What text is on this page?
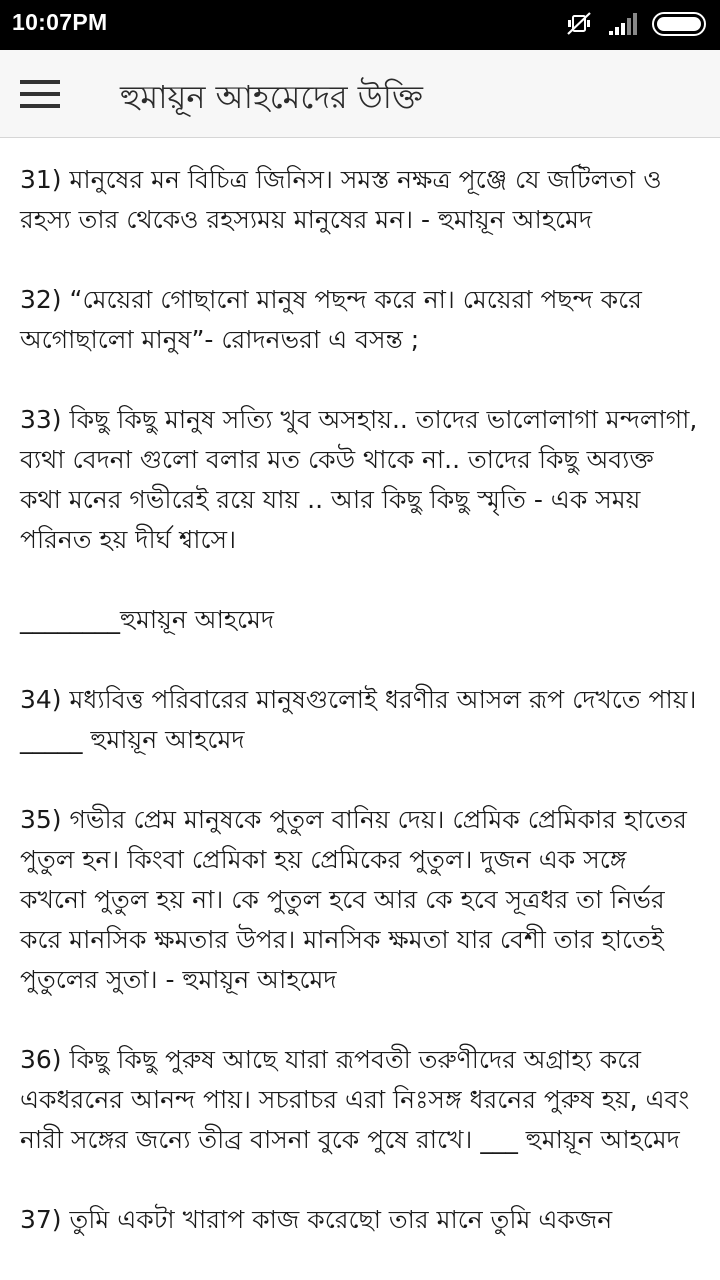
10:07PM
হুমায়ূন আহমেদের উক্তি

31) মানুষের মন বিচিত্র জিনিস। সমস্ত নক্ষত্র পূঞ্জে যে জটিলতা ও রহস্য তার থেকেও রহস্যময় মানুষের মন। - হুমায়ূন আহমেদ

32) “মেয়েরা গোছানো মানুষ পছন্দ করে না। মেয়েরা পছন্দ করে অগোছালো মানুষ”- রোদনভরা এ বসন্ত ;

33) কিছু কিছু মানুষ সত্যি খুব অসহায়.. তাদের ভালোলাগা মন্দলাগা, ব্যথা বেদনা গুলো বলার মত কেউ থাকে না.. তাদের কিছু অব্যক্ত কথা মনের গভীরেই রয়ে যায় .. আর কিছু কিছু স্মৃতি - এক সময় পরিনত হয় দীর্ঘ শ্বাসে।

________হুমায়ূন আহমেদ

34) মধ্যবিত্ত পরিবারের মানুষগুলোই ধরণীর আসল রূপ দেখতে পায়। _____ হুমায়ূন আহমেদ

35) গভীর প্রেম মানুষকে পুতুল বানিয় দেয়। প্রেমিক প্রেমিকার হাতের পুতুল হন। কিংবা প্রেমিকা হয় প্রেমিকের পুতুল। দুজন এক সঙ্গে কখনো পুতুল হয় না। কে পুতুল হবে আর কে হবে সূত্রধর তা নির্ভর করে মানসিক ক্ষমতার উপর। মানসিক ক্ষমতা যার বেশী তার হাতেই পুতুলের সুতা। - হুমায়ূন আহমেদ

36) কিছু কিছু পুরুষ আছে যারা রূপবতী তরুণীদের অগ্রাহ্য করে একধরনের আনন্দ পায়। সচরাচর এরা নিঃসঙ্গ ধরনের পুরুষ হয়, এবং নারী সঙ্গের জন্যে তীব্র বাসনা বুকে পুষে রাখে। ___ হুমায়ূন আহমেদ

37) তুমি একটা খারাপ কাজ করেছো তার মানে তুমি একজন
